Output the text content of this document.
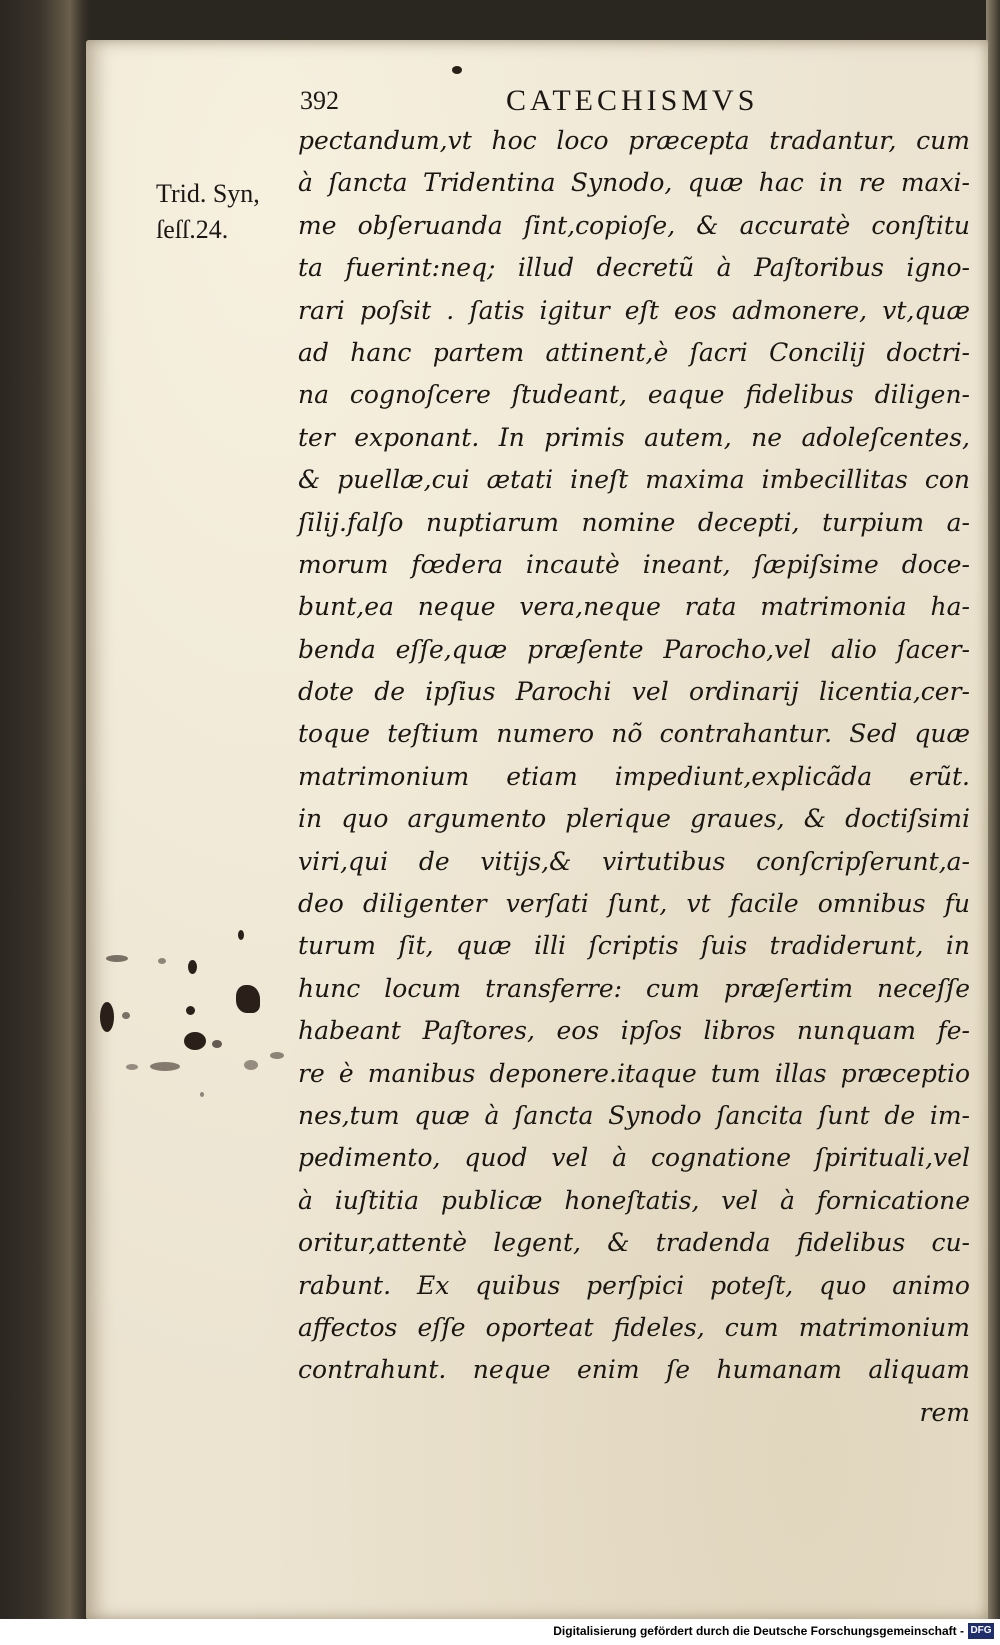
392	CATECHISMVS
Trid. Syn,
ſeſſ.24.
pectandum,vt hoc loco præcepta tradantur, cum
à ſancta Tridentina Synodo, quæ hac in re maxi-
me obſeruanda ſint,copioſe, & accuratè conſtitu
ta fuerint:neq; illud decretũ à Paſtoribus igno-
rari poſsit . ſatis igitur eſt eos admonere, vt,quæ
ad hanc partem attinent,è ſacri Concilij doctri-
na cognoſcere ſtudeant, eaque fidelibus diligen-
ter exponant. In primis autem, ne adoleſcentes,
& puellæ,cui ætati ineſt maxima imbecillitas con
ſilij.falſo nuptiarum nomine decepti, turpium a-
morum fœdera incautè ineant, ſæpiſsime doce-
bunt,ea neque vera,neque rata matrimonia ha-
benda eſſe,quæ præſente Parocho,vel alio ſacer-
dote de ipſius Parochi vel ordinarij licentia,cer-
toque teſtium numero nõ contrahantur. Sed quæ
matrimonium etiam impediunt,explicãda erũt.
in quo argumento plerique graues, & doctiſsimi
viri,qui de vitijs,& virtutibus conſcripſerunt,a-
deo diligenter verſati ſunt, vt facile omnibus fu
turum ſit, quæ illi ſcriptis ſuis tradiderunt, in
hunc locum transferre: cum præſertim neceſſe
habeant Paſtores, eos ipſos libros nunquam fe-
re è manibus deponere.itaque tum illas præceptio
nes,tum quæ à ſancta Synodo ſancita ſunt de im-
pedimento, quod vel à cognatione ſpirituali,vel
à iuſtitia publicæ honeſtatis, vel à fornicatione
oritur,attentè legent, & tradenda fidelibus cu-
rabunt. Ex quibus perſpici poteſt, quo animo
affectos eſſe oporteat fideles, cum matrimonium
contrahunt. neque enim ſe humanam aliquam
rem
Digitalisierung gefördert durch die Deutsche Forschungsgemeinschaft - DFG
